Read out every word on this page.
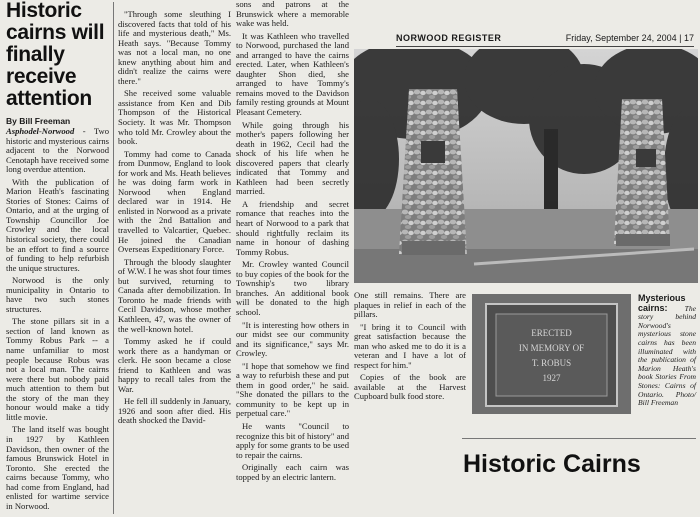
Historic cairns will finally receive attention
By Bill Freeman

Asphodel-Norwood - Two historic and mysterious cairns adjacent to the Norwood Cenotaph have received some long overdue attention.

With the publication of Marion Heath's fascinating Stories of Stones: Cairns of Ontario, and at the urging of Township Councillor Joe Crowley and the local historical society, there could be an effort to find a source of funding to help refurbish the unique structures.

Norwood is the only municipality in Ontario to have two such stones structures.

The stone pillars sit in a section of land known as Tommy Robus Park -- a name unfamiliar to most people because Robus was not a local man. The cairns were there but nobody paid much attention to them but the story of the man they honour would make a tidy little movie.

The land itself was bought in 1927 by Kathleen Davidson, then owner of the famous Brunswick Hotel in Toronto. She erected the cairns because Tommy, who had come from England, had enlisted for wartime service in Norwood.

"Through some sleuthing I discovered facts that told of his life and mysterious death," Ms. Heath says. "Because Tommy was not a local man, no one knew anything about him and didn't realize the cairns were there."

She received some valuable assistance from Ken and Dib Thompson of the Historical Society. It was Mr. Thompson who told Mr. Crowley about the book.

Tommy had come to Canada from Dunmow, England to look for work and Ms. Heath believes he was doing farm work in Norwood when England declared war in 1914. He enlisted in Norwood as a private with the 2nd Battalion and travelled to Valcartier, Quebec. He joined the Canadian Overseas Expeditionary Force.

Through the bloody slaughter of W.W. I he was shot four times but survived, returning to Canada after demobilization. In Toronto he made friends with Cecil Davidson, whose mother Kathleen, 47, was the owner of the well-known hotel.

Tommy asked he if could work there as a handyman or clerk. He soon became a close friend to Kathleen and was happy to recall tales from the War.

He fell ill suddenly in January, 1926 and soon after died. His death shocked the David-

sons and patrons at the Brunswick where a memorable wake was held.

It was Kathleen who travelled to Norwood, purchased the land and arranged to have the cairns erected. Later, when Kathleen's daughter Shon died, she arranged to have Tommy's remains moved to the Davidson family resting grounds at Mount Pleasant Cemetery.

While going through his mother's papers following her death in 1962, Cecil had the shock of his life when he discovered papers that clearly indicated that Tommy and Kathleen had been secretly married.

A friendship and secret romance that reaches into the heart of Norwood to a park that should rightfully reclaim its name in honour of dashing Tommy Robus.

Mr. Crowley wanted Council to buy copies of the book for the Township's two library branches. An additional book will be donated to the high school.

"It is interesting how others in our midst see our community and its significance," says Mr. Crowley.

"I hope that somehow we find a way to refurbish these and put them in good order," he said. "She donated the pillars to the community to be kept up in perpetual care."

He wants "Council to recognize this bit of history" and apply for some grants to be used to repair the cairns.

Originally each cairn was topped by an electric lantern.

NORWOOD REGISTER	Friday, September 24, 2004 | 17

One still remains. There are plaques in relief in each of the pillars.

"I bring it to Council with great satisfaction because the man who asked me to do it is a veteran and I have a lot of respect for him."

Copies of the book are available at the Harvest Cupboard bulk food store.

ERECTED
IN MEMORY OF
T. ROBUS
1927
Mysterious cairns: The story behind Norwood's mysterious stone cairns has been illuminated with the publication of Marion Heath's book Stories From Stones: Cairns of Ontario. Photo/ Bill Freeman
Historic Cairns
